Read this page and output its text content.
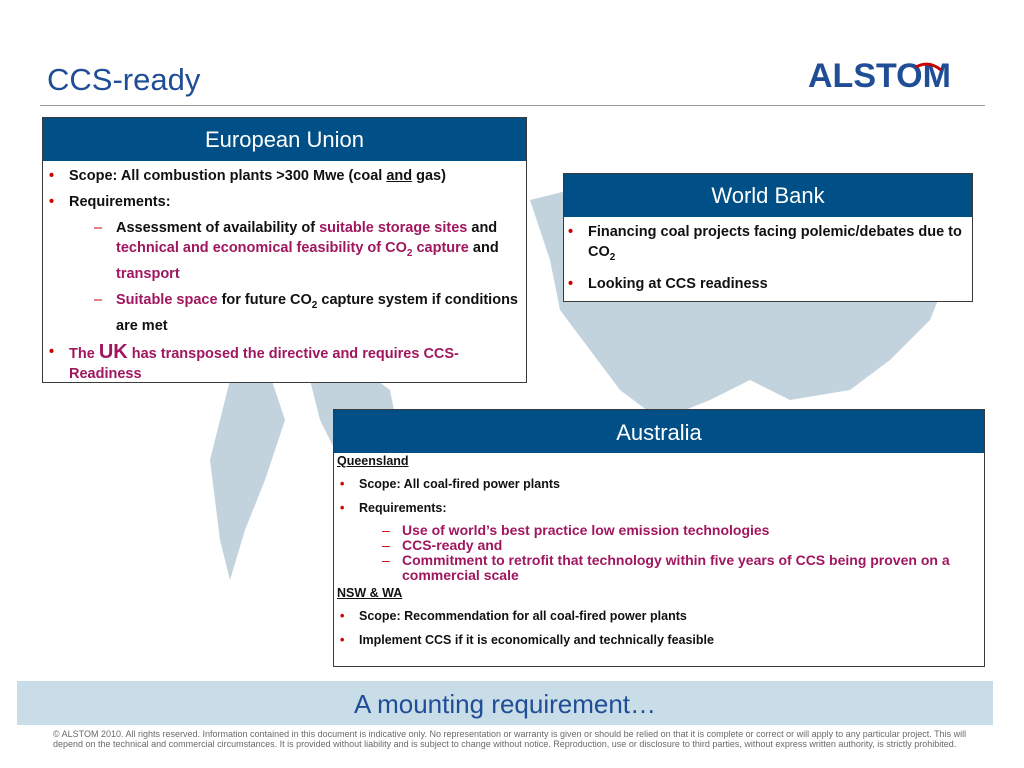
CCS-ready	ALSTOM
European Union
•	Scope: All combustion plants >300 Mwe (coal and gas)
•	Requirements:
– Assessment of availability of suitable storage sites and technical and economical feasibility of $CO_2$ capture and transport
– Suitable space for future $CO_2$ capture system if conditions are met
•	The UK has transposed the directive and requires CCS-Readiness
World Bank
•	Financing coal projects facing polemic/debates due to $CO_2$
•	Looking at CCS readiness
Australia
Queensland
•	Scope: All coal-fired power plants
•	Requirements:
– Use of world’s best practice low emission technologies
– CCS-ready and
– Commitment to retrofit that technology within five years of CCS being proven on a commercial scale
NSW & WA
•	Scope: Recommendation for all coal-fired power plants
•	Implement CCS if it is economically and technically feasible
A mounting requirement…
© ALSTOM 2010. All rights reserved. Information contained in this document is indicative only. No representation or warranty is given or should be relied on that it is complete or correct or will apply to any particular project. This will depend on the technical and commercial circumstances. It is provided without liability and is subject to change without notice. Reproduction, use or disclosure to third parties, without express written authority, is strictly prohibited.
